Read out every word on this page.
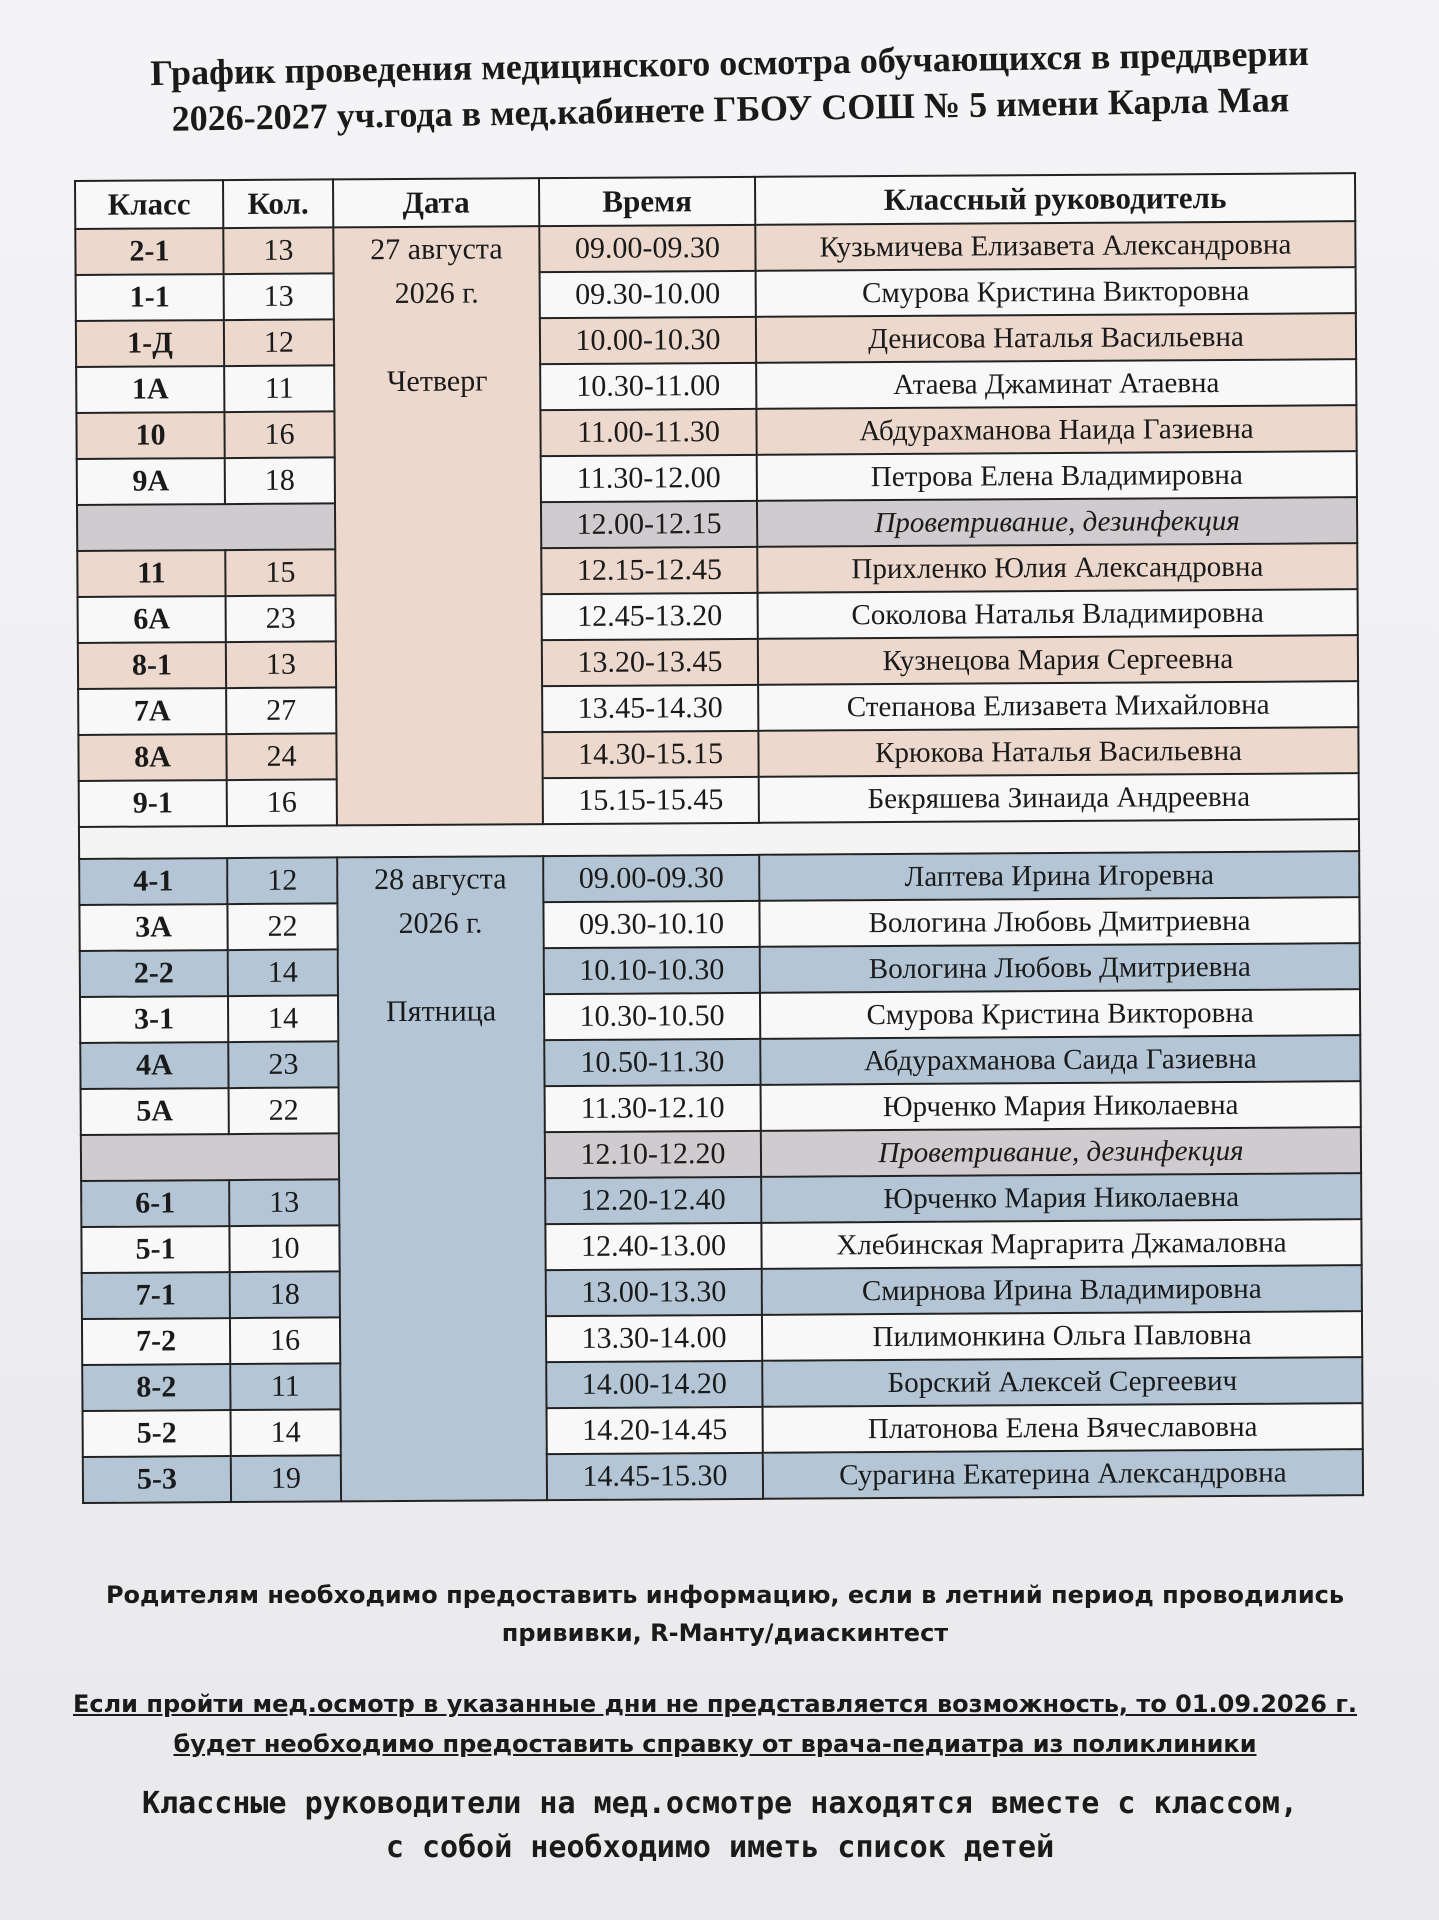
График проведения медицинского осмотра обучающихся в преддверии
2026-2027 уч.года в мед.кабинете ГБОУ СОШ № 5 имени Карла Мая
Класс	Кол.	Дата	Время	Классный руководитель
2-1	13	27 августа
2026 г.
Четверг	09.00-09.30	Кузьмичева Елизавета Александровна
1-1	13		09.30-10.00	Смурова Кристина Викторовна
1-Д	12		10.00-10.30	Денисова Наталья Васильевна
1А	11		10.30-11.00	Атаева Джаминат Атаевна
10	16		11.00-11.30	Абдурахманова Наида Газиевна
9А	18		11.30-12.00	Петрова Елена Владимировна
			12.00-12.15	Проветривание, дезинфекция
11	15		12.15-12.45	Прихленко Юлия Александровна
6А	23		12.45-13.20	Соколова Наталья Владимировна
8-1	13		13.20-13.45	Кузнецова Мария Сергеевна
7А	27		13.45-14.30	Степанова Елизавета Михайловна
8А	24		14.30-15.15	Крюкова Наталья Васильевна
9-1	16		15.15-15.45	Бекряшева Зинаида Андреевна

4-1	12	28 августа
2026 г.
Пятница	09.00-09.30	Лаптева Ирина Игоревна
3А	22		09.30-10.10	Вологина Любовь Дмитриевна
2-2	14		10.10-10.30	Вологина Любовь Дмитриевна
3-1	14		10.30-10.50	Смурова Кристина Викторовна
4А	23		10.50-11.30	Абдурахманова Саида Газиевна
5А	22		11.30-12.10	Юрченко Мария Николаевна
			12.10-12.20	Проветривание, дезинфекция
6-1	13		12.20-12.40	Юрченко Мария Николаевна
5-1	10		12.40-13.00	Хлебинская Маргарита Джамаловна
7-1	18		13.00-13.30	Смирнова Ирина Владимировна
7-2	16		13.30-14.00	Пилимонкина Ольга Павловна
8-2	11		14.00-14.20	Борский Алексей Сергеевич
5-2	14		14.20-14.45	Платонова Елена Вячеславовна
5-3	19		14.45-15.30	Сурагина Екатерина Александровна
Родителям необходимо предоставить информацию, если в летний период проводились
прививки, R-Манту/диаскинтест
Если пройти мед.осмотр в указанные дни не представляется возможность, то 01.09.2026 г.
будет необходимо предоставить справку от врача-педиатра из поликлиники
Классные руководители на мед.осмотре находятся вместе с классом,
с собой необходимо иметь список детей
